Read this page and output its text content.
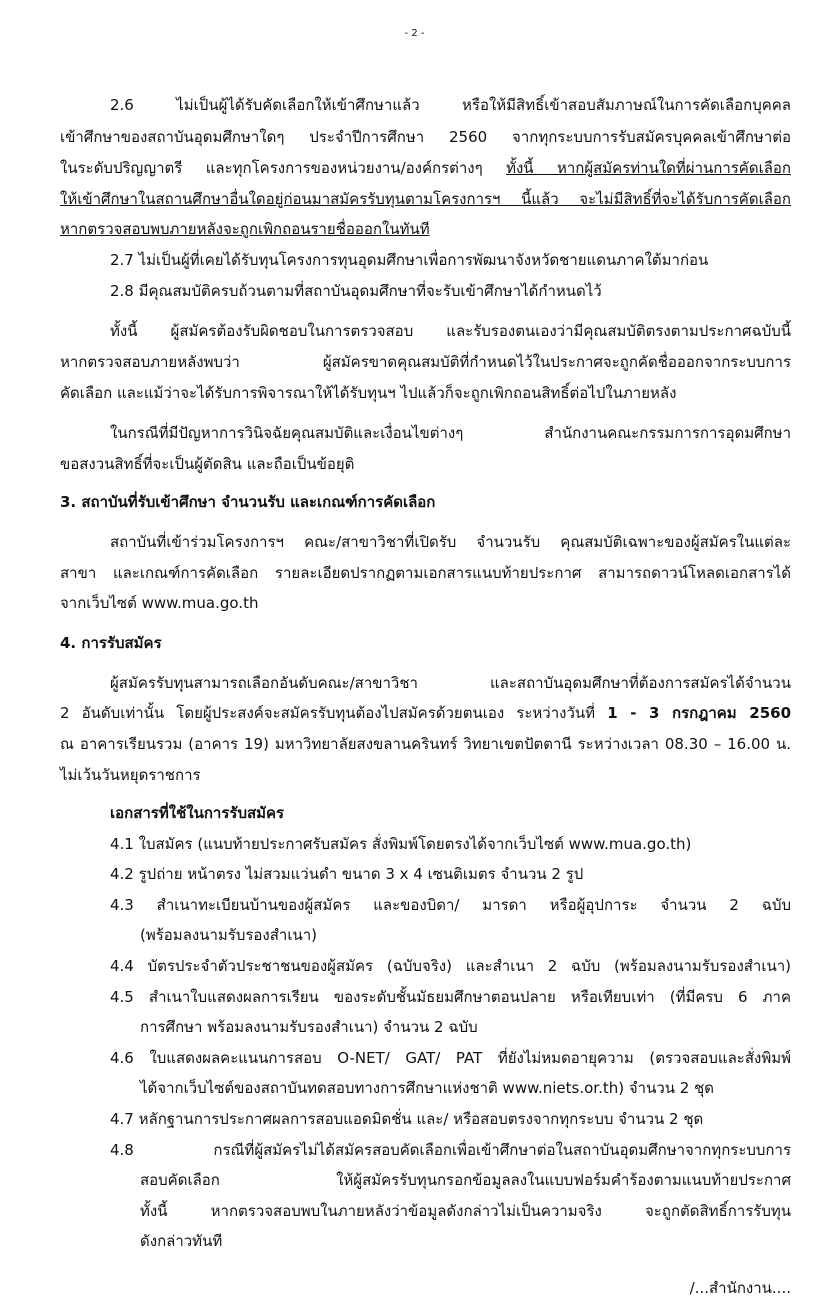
- 2 -
2.6 ไม่เป็นผู้ได้รับคัดเลือกให้เข้าศึกษาแล้ว หรือให้มีสิทธิ์เข้าสอบสัมภาษณ์ในการคัดเลือกบุคคล
เข้าศึกษาของสถาบันอุดมศึกษาใดๆ ประจำปีการศึกษา 2560 จากทุกระบบการรับสมัครบุคคลเข้าศึกษาต่อ
ในระดับปริญญาตรี และทุกโครงการของหน่วยงาน/องค์กรต่างๆ ทั้งนี้ หากผู้สมัครท่านใดที่ผ่านการคัดเลือก
ให้เข้าศึกษาในสถานศึกษาอื่นใดอยู่ก่อนมาสมัครรับทุนตามโครงการฯ นี้แล้ว จะไม่มีสิทธิ์ที่จะได้รับการคัดเลือก
หากตรวจสอบพบภายหลังจะถูกเพิกถอนรายชื่อออกในทันที
2.7 ไม่เป็นผู้ที่เคยได้รับทุนโครงการทุนอุดมศึกษาเพื่อการพัฒนาจังหวัดชายแดนภาคใต้มาก่อน
2.8 มีคุณสมบัติครบถ้วนตามที่สถาบันอุดมศึกษาที่จะรับเข้าศึกษาได้กำหนดไว้
ทั้งนี้ ผู้สมัครต้องรับผิดชอบในการตรวจสอบ และรับรองตนเองว่ามีคุณสมบัติตรงตามประกาศฉบับนี้
หากตรวจสอบภายหลังพบว่า ผู้สมัครขาดคุณสมบัติที่กำหนดไว้ในประกาศจะถูกคัดชื่อออกจากระบบการ
คัดเลือก และแม้ว่าจะได้รับการพิจารณาให้ได้รับทุนฯ ไปแล้วก็จะถูกเพิกถอนสิทธิ์ต่อไปในภายหลัง
ในกรณีที่มีปัญหาการวินิจฉัยคุณสมบัติและเงื่อนไขต่างๆ สำนักงานคณะกรรมการการอุดมศึกษา
ขอสงวนสิทธิ์ที่จะเป็นผู้ตัดสิน และถือเป็นข้อยุติ
3. สถาบันที่รับเข้าศึกษา จำนวนรับ และเกณฑ์การคัดเลือก
สถาบันที่เข้าร่วมโครงการฯ คณะ/สาขาวิชาที่เปิดรับ จำนวนรับ คุณสมบัติเฉพาะของผู้สมัครในแต่ละ
สาขา และเกณฑ์การคัดเลือก รายละเอียดปรากฏตามเอกสารแนบท้ายประกาศ สามารถดาวน์โหลดเอกสารได้
จากเว็บไซต์ www.mua.go.th
4. การรับสมัคร
ผู้สมัครรับทุนสามารถเลือกอันดับคณะ/สาขาวิชา และสถาบันอุดมศึกษาที่ต้องการสมัครได้จำนวน
2 อันดับเท่านั้น โดยผู้ประสงค์จะสมัครรับทุนต้องไปสมัครด้วยตนเอง ระหว่างวันที่ 1 - 3 กรกฎาคม 2560
ณ อาคารเรียนรวม (อาคาร 19) มหาวิทยาลัยสงขลานครินทร์ วิทยาเขตปัตตานี ระหว่างเวลา 08.30 – 16.00 น.
ไม่เว้นวันหยุดราชการ
เอกสารที่ใช้ในการรับสมัคร
4.1 ใบสมัคร (แนบท้ายประกาศรับสมัคร สั่งพิมพ์โดยตรงได้จากเว็บไซต์ www.mua.go.th)
4.2 รูปถ่าย หน้าตรง ไม่สวมแว่นดำ ขนาด 3 x 4 เซนติเมตร จำนวน 2 รูป
4.3 สำเนาทะเบียนบ้านของผู้สมัคร และของบิดา/ มารดา หรือผู้อุปการะ จำนวน 2 ฉบับ
(พร้อมลงนามรับรองสำเนา)
4.4 บัตรประจำตัวประชาชนของผู้สมัคร (ฉบับจริง) และสำเนา 2 ฉบับ (พร้อมลงนามรับรองสำเนา)
4.5 สำเนาใบแสดงผลการเรียน ของระดับชั้นมัธยมศึกษาตอนปลาย หรือเทียบเท่า (ที่มีครบ 6 ภาค
การศึกษา พร้อมลงนามรับรองสำเนา) จำนวน 2 ฉบับ
4.6 ใบแสดงผลคะแนนการสอบ O-NET/ GAT/ PAT ที่ยังไม่หมดอายุความ (ตรวจสอบและสั่งพิมพ์
ได้จากเว็บไซต์ของสถาบันทดสอบทางการศึกษาแห่งชาติ www.niets.or.th) จำนวน 2 ชุด
4.7 หลักฐานการประกาศผลการสอบแอดมิดชั่น และ/ หรือสอบตรงจากทุกระบบ จำนวน 2 ชุด
4.8 กรณีที่ผู้สมัครไม่ได้สมัครสอบคัดเลือกเพื่อเข้าศึกษาต่อในสถาบันอุดมศึกษาจากทุกระบบการ
สอบคัดเลือก ให้ผู้สมัครรับทุนกรอกข้อมูลลงในแบบฟอร์มคำร้องตามแนบท้ายประกาศ
ทั้งนี้ หากตรวจสอบพบในภายหลังว่าข้อมูลดังกล่าวไม่เป็นความจริง จะถูกตัดสิทธิ์การรับทุน
ดังกล่าวทันที
/...สำนักงาน....
